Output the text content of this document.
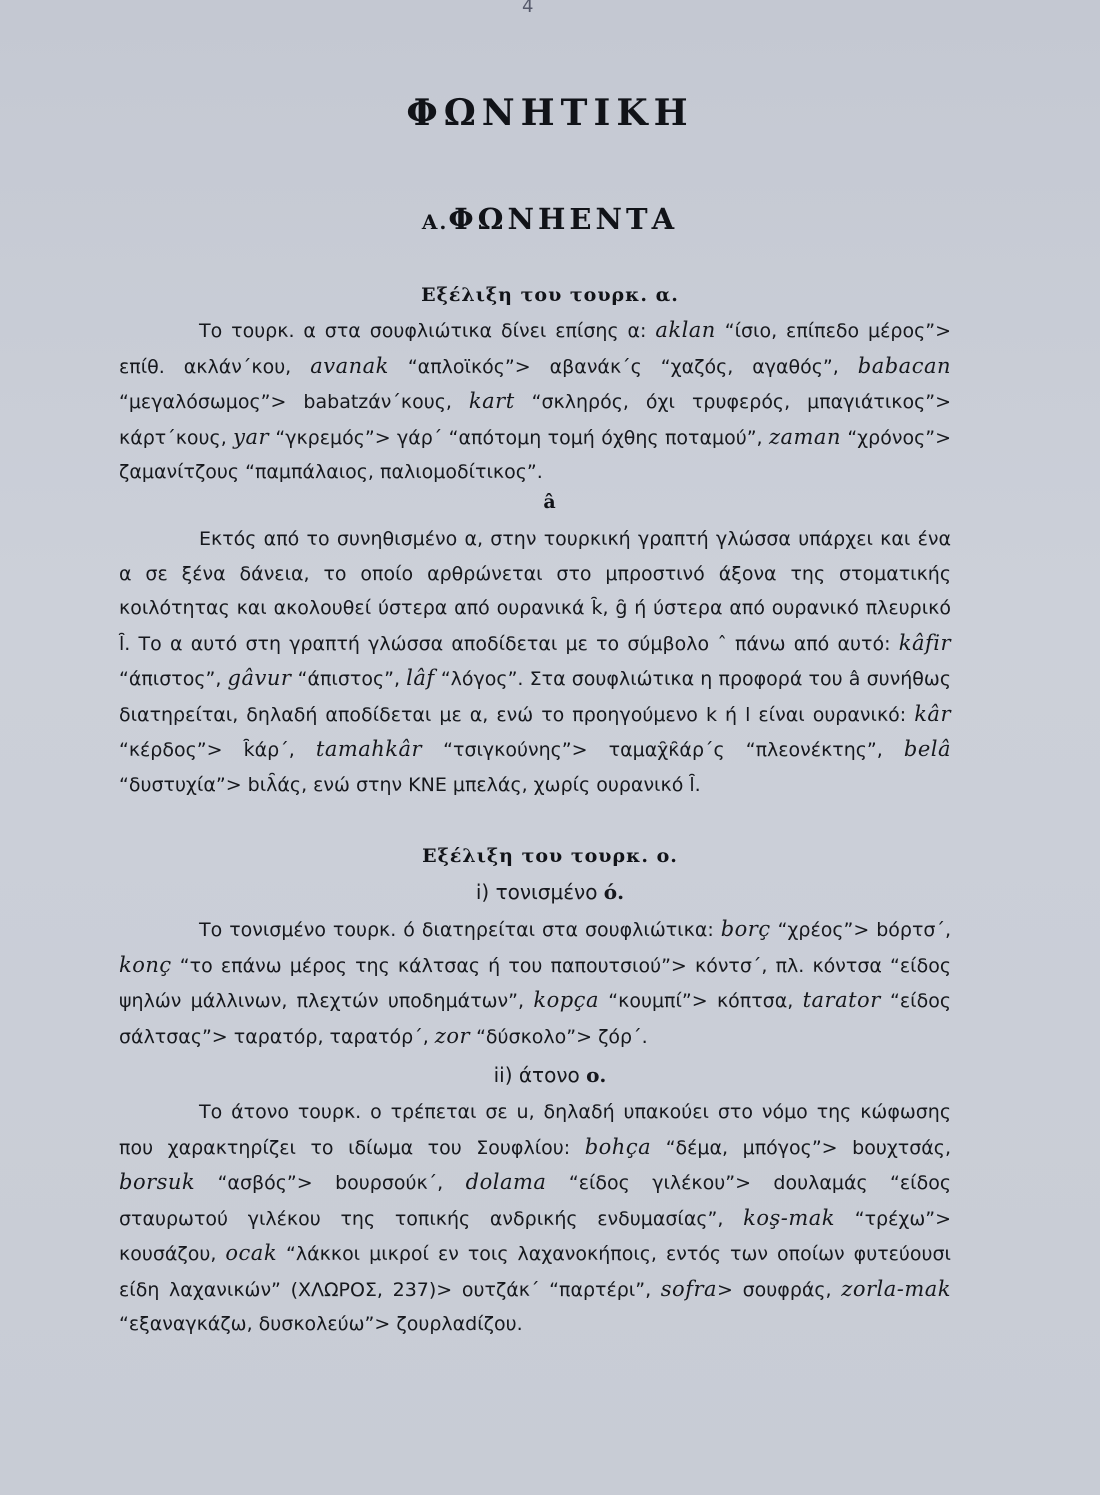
4
ΦΩΝΗΤΙΚΗ
Α.ΦΩΝΗΕΝΤΑ
Εξέλιξη του τουρκ. α.
Το τουρκ. α στα σουφλιώτικα δίνει επίσης α: aklan “ίσιο, επίπεδο μέρος”> επίθ. ακλάν΄κου, avanak “απλοϊκός”> αβανάκ΄ς “χαζός, αγαθός”, babacan “μεγαλόσωμος”> babatzάν΄κους, kart “σκληρός, όχι τρυφερός, μπαγιάτικος”> κάρτ΄κους, yar “γκρεμός”> γάρ΄ “απότομη τομή όχθης ποταμού”, zaman “χρόνος”> ζαμανίτζους “παμπάλαιος, παλιομοδίτικος”.
â
Εκτός από το συνηθισμένο α, στην τουρκική γραπτή γλώσσα υπάρχει και ένα α σε ξένα δάνεια, το οποίο αρθρώνεται στο μπροστινό άξονα της στοματικής κοιλότητας και ακολουθεί ύστερα από ουρανικά k̑, g̑ ή ύστερα από ουρανικό πλευρικό l̑. Το α αυτό στη γραπτή γλώσσα αποδίδεται με το σύμβολο ˆ πάνω από αυτό: kâfir “άπιστος”, gâvur “άπιστος”, lâf “λόγος”. Στα σουφλιώτικα η προφορά του â συνήθως διατηρείται, δηλαδή αποδίδεται με α, ενώ το προηγούμενο k ή l είναι ουρανικό: kâr “κέρδος”> k̑άρ΄, tamahkâr “τσιγκούνης”> ταμαχ̑κ̑άρ΄ς “πλεονέκτης”, belâ “δυστυχία”> bιλ̑άς, ενώ στην ΚΝΕ μπελάς, χωρίς ουρανικό l̑.
Εξέλιξη του τουρκ. ο.
i) τονισμένο ό.
Το τονισμένο τουρκ. ό διατηρείται στα σουφλιώτικα: borç “χρέος”> bόρτσ΄, konç “το επάνω μέρος της κάλτσας ή του παπουτσιού”> κόντσ΄, πλ. κόντσα “είδος ψηλών μάλλινων, πλεχτών υποδημάτων”, kopça “κουμπί”> κόπτσα, tarator “είδος σάλτσας”> ταρατόρ, ταρατόρ΄, zor “δύσκολο”> ζόρ΄.
ii) άτονο ο.
Το άτονο τουρκ. ο τρέπεται σε u, δηλαδή υπακούει στο νόμο της κώφωσης που χαρακτηρίζει το ιδίωμα του Σουφλίου: bohça “δέμα, μπόγος”> bουχτσάς, borsuk “ασβός”> bουρσούκ΄, dolama “είδος γιλέκου”> dουλαμάς “είδος σταυρωτού γιλέκου της τοπικής ανδρικής ενδυμασίας”, koş-mak “τρέχω”> κουσάζου, ocak “λάκκοι μικροί εν τοις λαχανοκήποις, εντός των οποίων φυτεύουσι είδη λαχανικών” (ΧΛΩΡΟΣ, 237)> ουτζάκ΄ “παρτέρι”, sofra> σουφράς, zorla-mak “εξαναγκάζω, δυσκολεύω”> ζουρλαdίζου.
